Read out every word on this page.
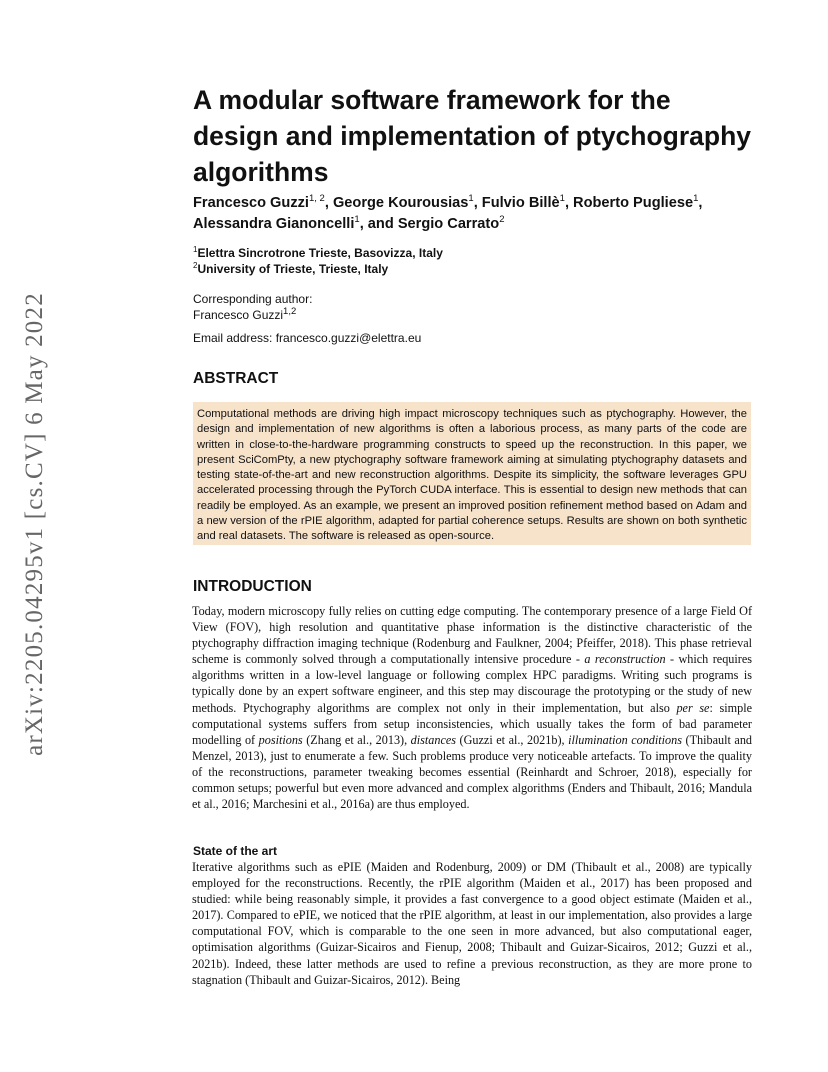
arXiv:2205.04295v1 [cs.CV] 6 May 2022
A modular software framework for the design and implementation of ptychography algorithms

Francesco Guzzi$^{1, 2}$, George Kourousias$^1$, Fulvio Billè$^1$, Roberto Pugliese$^1$, Alessandra Gianoncelli$^1$, and Sergio Carrato$^2$

$^1$Elettra Sincrotrone Trieste, Basovizza, Italy
$^2$University of Trieste, Trieste, Italy
Corresponding author:
Francesco Guzzi$^{1,2}$
Email address: francesco.guzzi@elettra.eu
ABSTRACT

Computational methods are driving high impact microscopy techniques such as ptychography. However, the design and implementation of new algorithms is often a laborious process, as many parts of the code are written in close-to-the-hardware programming constructs to speed up the reconstruction. In this paper, we present SciComPty, a new ptychography software framework aiming at simulating ptychography datasets and testing state-of-the-art and new reconstruction algorithms. Despite its simplicity, the software leverages GPU accelerated processing through the PyTorch CUDA interface. This is essential to design new methods that can readily be employed. As an example, we present an improved position refinement method based on Adam and a new version of the rPIE algorithm, adapted for partial coherence setups. Results are shown on both synthetic and real datasets. The software is released as open-source.

INTRODUCTION

Today, modern microscopy fully relies on cutting edge computing. The contemporary presence of a large Field Of View (FOV), high resolution and quantitative phase information is the distinctive characteristic of the ptychography diffraction imaging technique (Rodenburg and Faulkner, 2004; Pfeiffer, 2018). This phase retrieval scheme is commonly solved through a computationally intensive procedure - a reconstruction - which requires algorithms written in a low-level language or following complex HPC paradigms. Writing such programs is typically done by an expert software engineer, and this step may discourage the prototyping or the study of new methods. Ptychography algorithms are complex not only in their implementation, but also per se: simple computational systems suffers from setup inconsistencies, which usually takes the form of bad parameter modelling of positions (Zhang et al., 2013), distances (Guzzi et al., 2021b), illumination conditions (Thibault and Menzel, 2013), just to enumerate a few. Such problems produce very noticeable artefacts. To improve the quality of the reconstructions, parameter tweaking becomes essential (Reinhardt and Schroer, 2018), especially for common setups; powerful but even more advanced and complex algorithms (Enders and Thibault, 2016; Mandula et al., 2016; Marchesini et al., 2016a) are thus employed.

State of the art

Iterative algorithms such as ePIE (Maiden and Rodenburg, 2009) or DM (Thibault et al., 2008) are typically employed for the reconstructions. Recently, the rPIE algorithm (Maiden et al., 2017) has been proposed and studied: while being reasonably simple, it provides a fast convergence to a good object estimate (Maiden et al., 2017). Compared to ePIE, we noticed that the rPIE algorithm, at least in our implementation, also provides a large computational FOV, which is comparable to the one seen in more advanced, but also computational eager, optimisation algorithms (Guizar-Sicairos and Fienup, 2008; Thibault and Guizar-Sicairos, 2012; Guzzi et al., 2021b). Indeed, these latter methods are used to refine a previous reconstruction, as they are more prone to stagnation (Thibault and Guizar-Sicairos, 2012). Being
